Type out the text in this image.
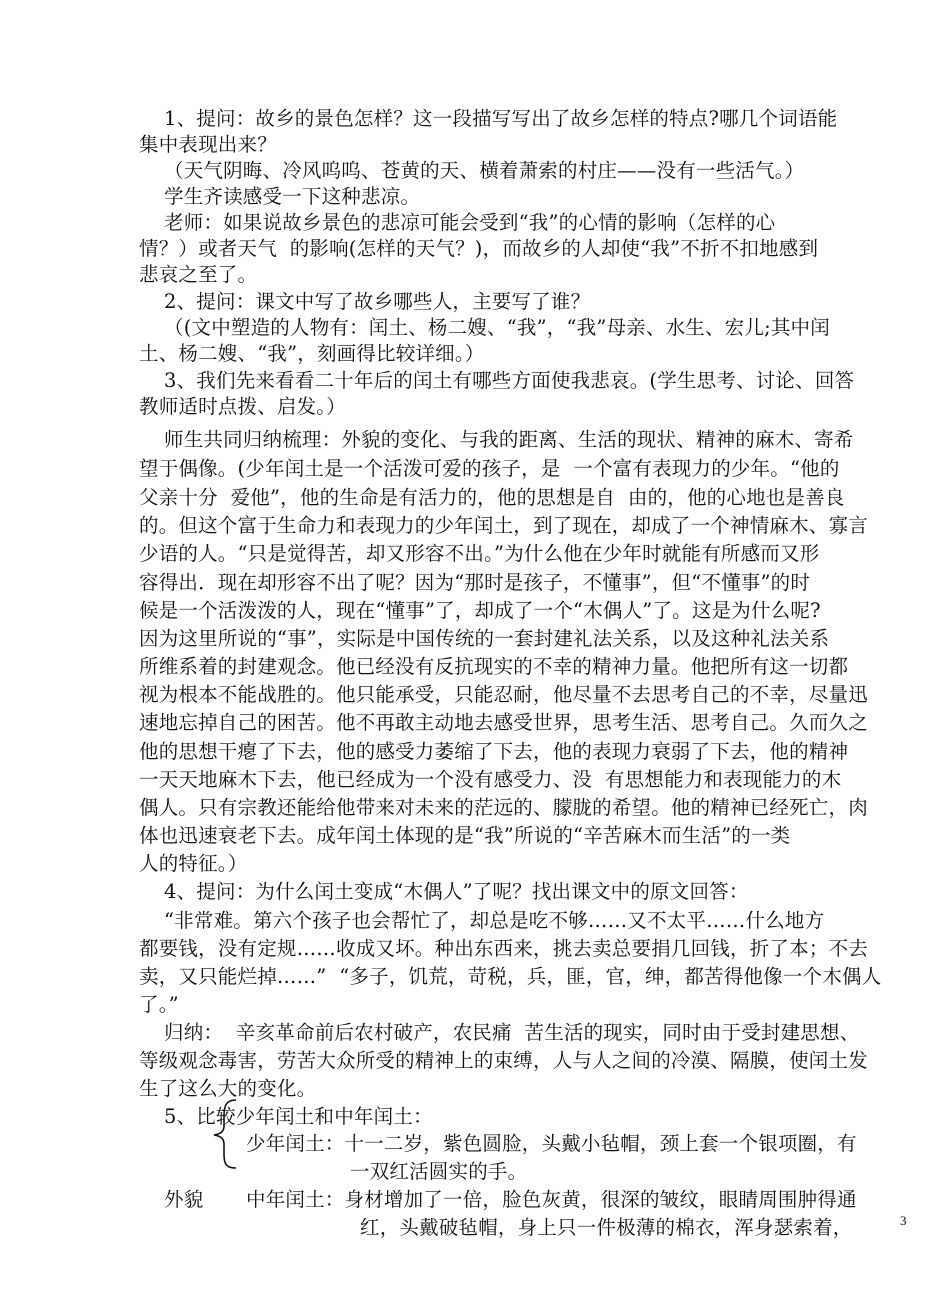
1、提问：故乡的景色怎样？这一段描写写出了故乡怎样的特点?哪几个词语能
集中表现出来？
（天气阴晦、冷风呜呜、苍黄的天、横着萧索的村庄——没有一些活气。）
学生齐读感受一下这种悲凉。
老师：如果说故乡景色的悲凉可能会受到“我”的心情的影响（怎样的心
情？）或者天气  的影响(怎样的天气？)，而故乡的人却使“我”不折不扣地感到
悲哀之至了。
2、提问：课文中写了故乡哪些人，主要写了谁？
（(文中塑造的人物有：闰土、杨二嫂、“我”，“我”母亲、水生、宏儿;其中闰
土、杨二嫂、“我”，刻画得比较详细。）
3、我们先来看看二十年后的闰土有哪些方面使我悲哀。(学生思考、讨论、回答
教师适时点拨、启发。）
师生共同归纳梳理：外貌的变化、与我的距离、生活的现状、精神的麻木、寄希
望于偶像。(少年闰土是一个活泼可爱的孩子，是  一个富有表现力的少年。“他的
父亲十分  爱他”，他的生命是有活力的，他的思想是自  由的，他的心地也是善良
的。但这个富于生命力和表现力的少年闰土，到了现在，却成了一个神情麻木、寡言
少语的人。“只是觉得苦，却又形容不出。”为什么他在少年时就能有所感而又形
容得出．现在却形容不出了呢？因为“那时是孩子，不懂事”，但“不懂事”的时
候是一个活泼泼的人，现在“懂事”了，却成了一个“木偶人”了。这是为什么呢?
因为这里所说的“事”，实际是中国传统的一套封建礼法关系，以及这种礼法关系
所维系着的封建观念。他已经没有反抗现实的不幸的精神力量。他把所有这一切都
视为根本不能战胜的。他只能承受，只能忍耐，他尽量不去思考自己的不幸，尽量迅
速地忘掉自己的困苦。他不再敢主动地去感受世界，思考生活、思考自己。久而久之
他的思想干瘪了下去，他的感受力萎缩了下去，他的表现力衰弱了下去，他的精神
一天天地麻木下去，他已经成为一个没有感受力、没  有思想能力和表现能力的木
偶人。只有宗教还能给他带来对未来的茫远的、朦胧的希望。他的精神已经死亡，肉
体也迅速衰老下去。成年闰土体现的是“我”所说的“辛苦麻木而生活”的一类
人的特征。）
4、提问：为什么闰土变成“木偶人”了呢？找出课文中的原文回答：
“非常难。第六个孩子也会帮忙了，却总是吃不够……又不太平……什么地方
都要钱，没有定规……收成又坏。种出东西来，挑去卖总要捐几回钱，折了本；不去
卖，又只能烂掉……”  “多子，饥荒，苛税，兵，匪，官，绅，都苦得他像一个木偶人
了。”
归纳：  辛亥革命前后农村破产，农民痛  苦生活的现实，同时由于受封建思想、
等级观念毒害，劳苦大众所受的精神上的束缚，人与人之间的冷漠、隔膜，使闰土发
生了这么大的变化。
5、比较少年闰土和中年闰土：
少年闰土：十一二岁，紫色圆脸，头戴小毡帽，颈上套一个银项圈，有
一双红活圆实的手。
外貌 中年闰土：身材增加了一倍，脸色灰黄，很深的皱纹，眼睛周围肿得通
红，头戴破毡帽，身上只一件极薄的棉衣，浑身瑟索着，	3
